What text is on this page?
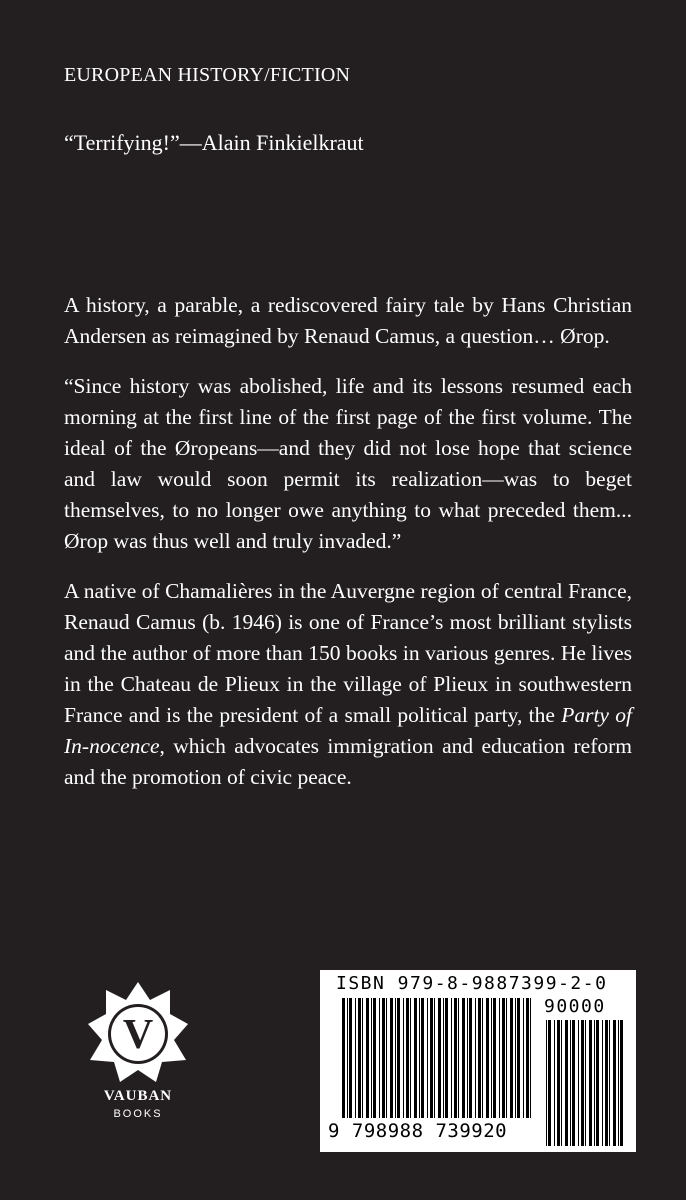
EUROPEAN HISTORY/FICTION
“Terrifying!”—Alain Finkielkraut

A history, a parable, a rediscovered fairy tale by Hans Christian Andersen as reimagined by Renaud Camus, a question… Ørop.

“Since history was abolished, life and its lessons resumed each morning at the first line of the first page of the first volume. The ideal of the Øropeans—and they did not lose hope that science and law would soon permit its realization—was to beget themselves, to no longer owe anything to what preceded them... Ørop was thus well and truly invaded.”

A native of Chamalières in the Auvergne region of central France, Renaud Camus (b. 1946) is one of France’s most brilliant stylists and the author of more than 150 books in various genres. He lives in the Chateau de Plieux in the village of Plieux in southwestern France and is the president of a small political party, the Party of In-nocence, which advocates immigration and education reform and the promotion of civic peace.

V
VAUBAN
BOOKS
ISBN 979-8-9887399-2-0
90000
9 798988 739920
